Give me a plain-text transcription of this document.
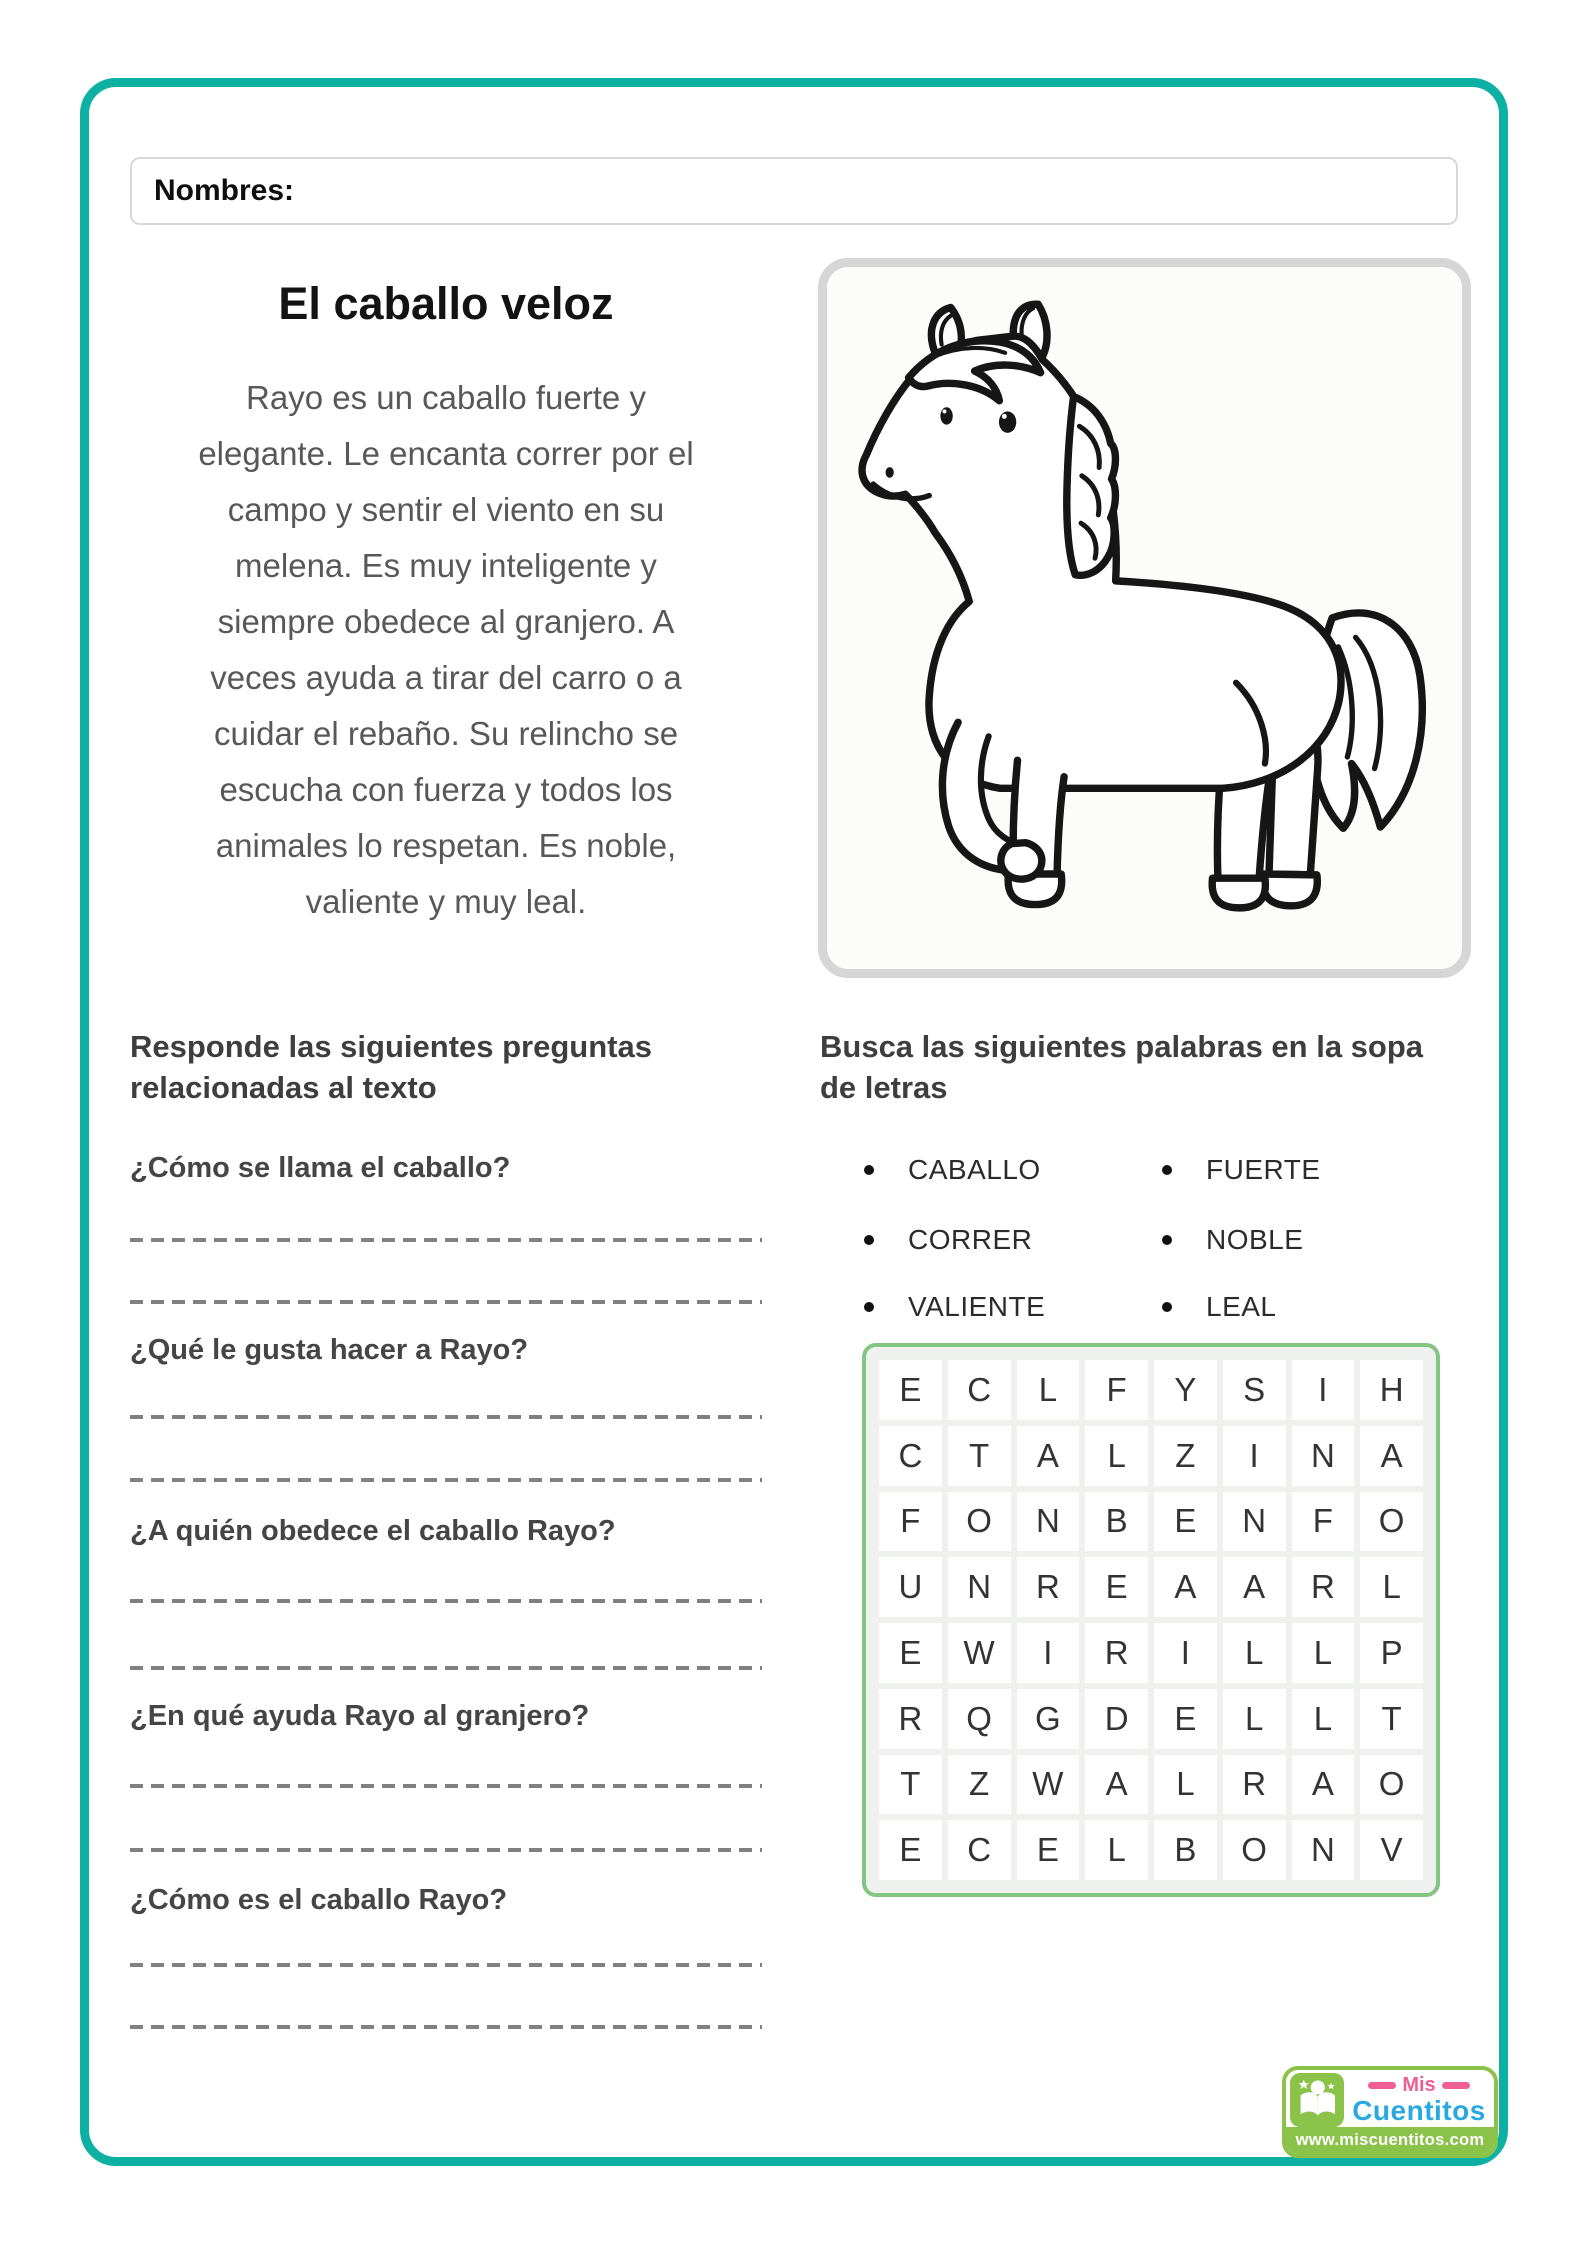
Nombres:
El caballo veloz
Rayo es un caballo fuerte y
elegante. Le encanta correr por el
campo y sentir el viento en su
melena. Es muy inteligente y
siempre obedece al granjero. A
veces ayuda a tirar del carro o a
cuidar el rebaño. Su relincho se
escucha con fuerza y todos los
animales lo respetan. Es noble,
valiente y muy leal.
Responde las siguientes preguntas
relacionadas al texto
Busca las siguientes palabras en la sopa
de letras
CABALLO
CORRER
VALIENTE
FUERTE
NOBLE
LEAL
¿Cómo se llama el caballo?
¿Qué le gusta hacer a Rayo?
¿A quién obedece el caballo Rayo?
¿En qué ayuda Rayo al granjero?
¿Cómo es el caballo Rayo?
E	C	L	F	Y	S	I	H
C	T	A	L	Z	I	N	A
F	O	N	B	E	N	F	O
U	N	R	E	A	A	R	L
E	W	I	R	I	L	L	P
R	Q	G	D	E	L	L	T
T	Z	W	A	L	R	A	O
E	C	E	L	B	O	N	V
Mis
Cuentitos
www.miscuentitos.com
